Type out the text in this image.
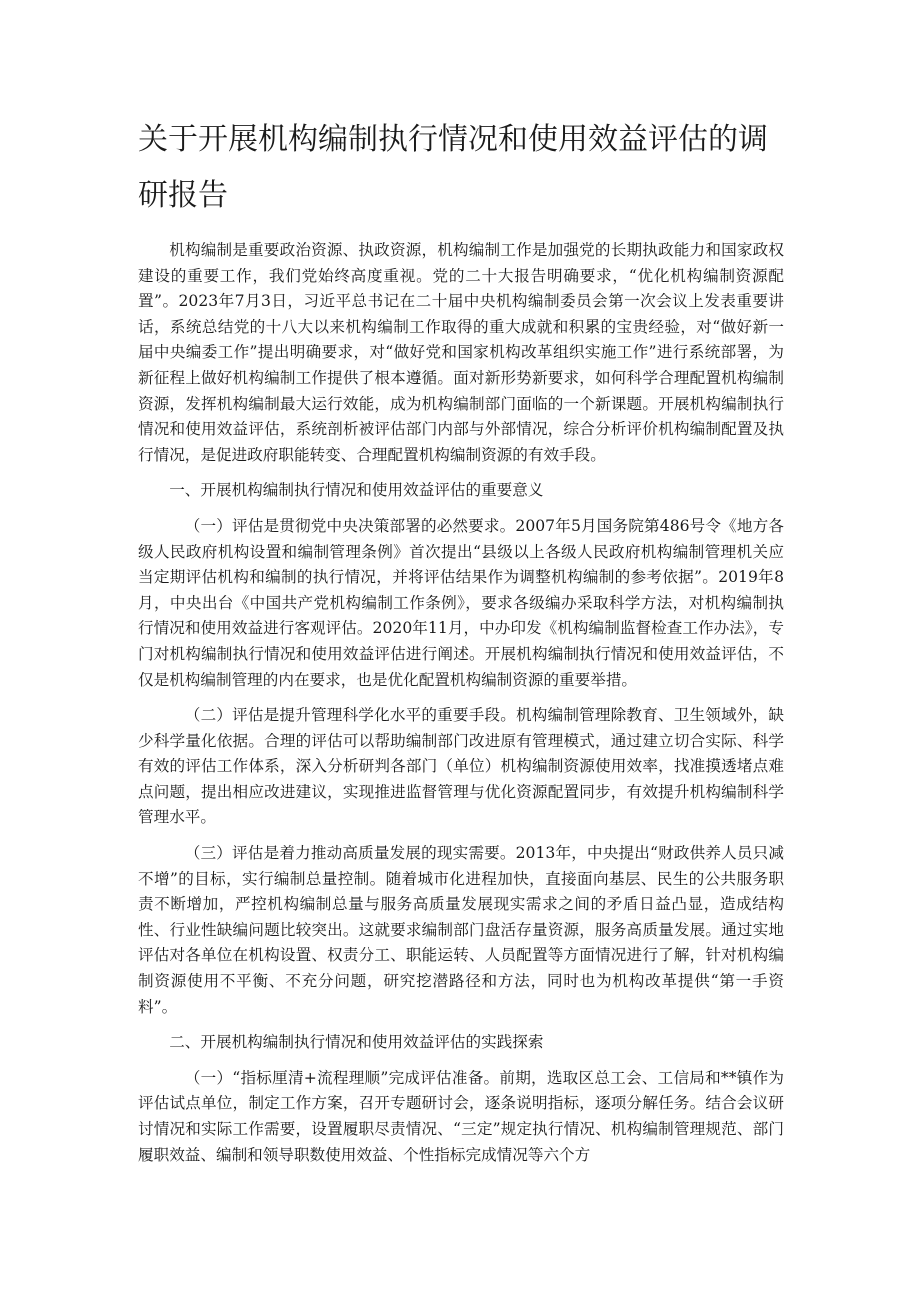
关于开展机构编制执行情况和使用效益评估的调研报告

机构编制是重要政治资源、执政资源，机构编制工作是加强党的长期执政能力和国家政权建设的重要工作，我们党始终高度重视。党的二十大报告明确要求，“优化机构编制资源配置”。2023年7月3日，习近平总书记在二十届中央机构编制委员会第一次会议上发表重要讲话，系统总结党的十八大以来机构编制工作取得的重大成就和积累的宝贵经验，对“做好新一届中央编委工作”提出明确要求，对“做好党和国家机构改革组织实施工作”进行系统部署，为新征程上做好机构编制工作提供了根本遵循。面对新形势新要求，如何科学合理配置机构编制资源，发挥机构编制最大运行效能，成为机构编制部门面临的一个新课题。开展机构编制执行情况和使用效益评估，系统剖析被评估部门内部与外部情况，综合分析评价机构编制配置及执行情况，是促进政府职能转变、合理配置机构编制资源的有效手段。

一、开展机构编制执行情况和使用效益评估的重要意义

（一）评估是贯彻党中央决策部署的必然要求。2007年5月国务院第486号令《地方各级人民政府机构设置和编制管理条例》首次提出“县级以上各级人民政府机构编制管理机关应当定期评估机构和编制的执行情况，并将评估结果作为调整机构编制的参考依据”。2019年8月，中央出台《中国共产党机构编制工作条例》，要求各级编办采取科学方法，对机构编制执行情况和使用效益进行客观评估。2020年11月，中办印发《机构编制监督检查工作办法》，专门对机构编制执行情况和使用效益评估进行阐述。开展机构编制执行情况和使用效益评估，不仅是机构编制管理的内在要求，也是优化配置机构编制资源的重要举措。

（二）评估是提升管理科学化水平的重要手段。机构编制管理除教育、卫生领域外，缺少科学量化依据。合理的评估可以帮助编制部门改进原有管理模式，通过建立切合实际、科学有效的评估工作体系，深入分析研判各部门（单位）机构编制资源使用效率，找准摸透堵点难点问题，提出相应改进建议，实现推进监督管理与优化资源配置同步，有效提升机构编制科学管理水平。

（三）评估是着力推动高质量发展的现实需要。2013年，中央提出“财政供养人员只减不增”的目标，实行编制总量控制。随着城市化进程加快，直接面向基层、民生的公共服务职责不断增加，严控机构编制总量与服务高质量发展现实需求之间的矛盾日益凸显，造成结构性、行业性缺编问题比较突出。这就要求编制部门盘活存量资源，服务高质量发展。通过实地评估对各单位在机构设置、权责分工、职能运转、人员配置等方面情况进行了解，针对机构编制资源使用不平衡、不充分问题，研究挖潜路径和方法，同时也为机构改革提供“第一手资料”。

二、开展机构编制执行情况和使用效益评估的实践探索

（一）“指标厘清+流程理顺”完成评估准备。前期，选取区总工会、工信局和**镇作为评估试点单位，制定工作方案，召开专题研讨会，逐条说明指标，逐项分解任务。结合会议研讨情况和实际工作需要，设置履职尽责情况、“三定”规定执行情况、机构编制管理规范、部门履职效益、编制和领导职数使用效益、个性指标完成情况等六个方
